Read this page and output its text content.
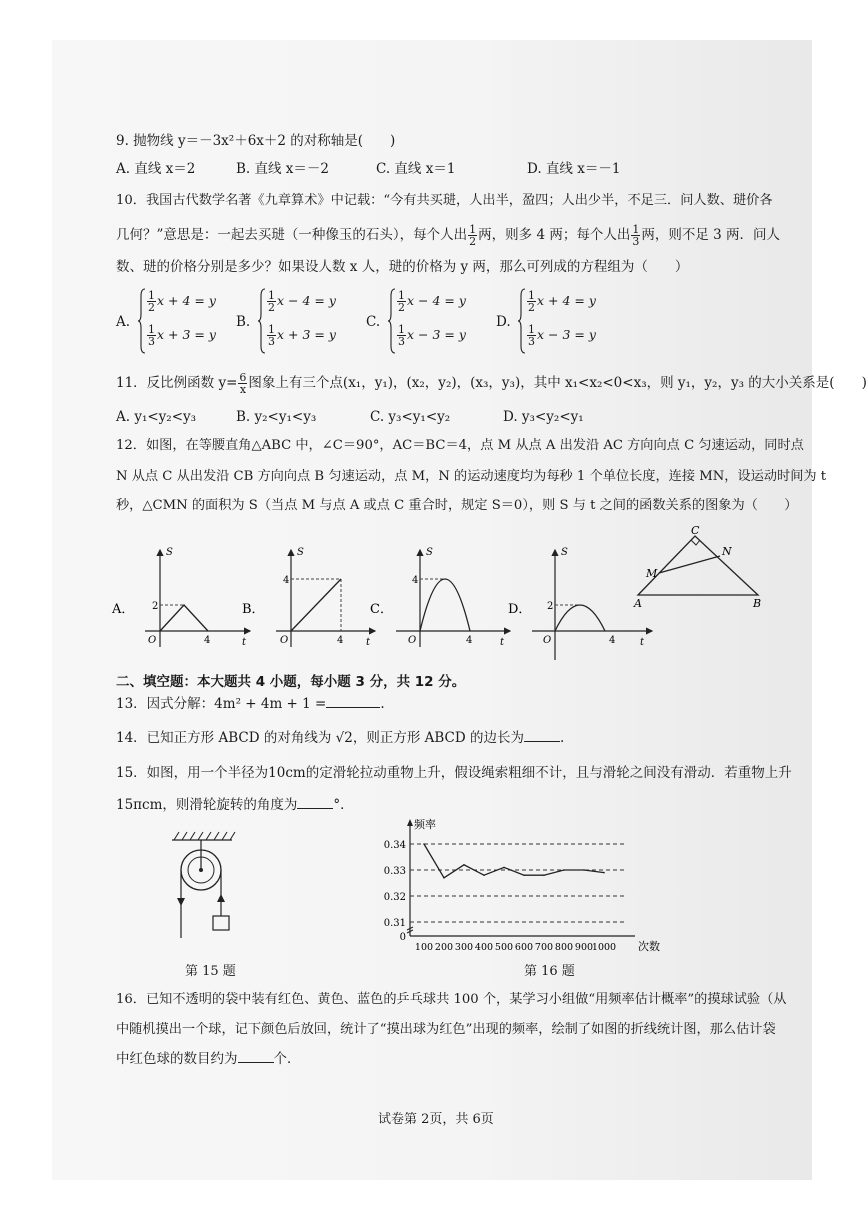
9. 抛物线 y＝－3x²＋6x＋2 的对称轴是(　　)
A. 直线 x＝2	B. 直线 x＝－2	C. 直线 x＝1	D. 直线 x＝－1
10．我国古代数学名著《九章算术》中记载：“今有共买琎，人出半，盈四；人出少半，不足三．问人数、琎价各
几何？”意思是：一起去买琎（一种像玉的石头），每个人出 $\frac{1}{2}$ 两，则多 4 两；每个人出 $\frac{1}{3}$ 两，则不足 3 两．问人
数、琎的价格分别是多少？如果设人数 x 人，琎的价格为 y 两，那么可列成的方程组为（　　）
A.
$\frac{1}{2}$ x + 4 = y
$\frac{1}{3}$ x + 3 = y
B.
$\frac{1}{2}$ x − 4 = y
$\frac{1}{3}$ x + 3 = y
C.
$\frac{1}{2}$ x − 4 = y
$\frac{1}{3}$ x − 3 = y
D.
$\frac{1}{2}$ x + 4 = y
$\frac{1}{3}$ x − 3 = y
11．反比例函数 $y= \frac{6}{x}$ 图象上有三个点(x₁，y₁)，(x₂，y₂)，(x₃，y₃)，其中 x₁<x₂<0<x₃，则 y₁，y₂，y₃ 的大小关系是(　　)
A. y₁<y₂<y₃	B. y₂<y₁<y₃	C. y₃<y₁<y₂	D. y₃<y₂<y₁
12．如图，在等腰直角△ABC 中，∠C＝90°，AC＝BC＝4，点 M 从点 A 出发沿 AC 方向向点 C 匀速运动，同时点
N 从点 C 从出发沿 CB 方向向点 B 匀速运动，点 M，N 的运动速度均为每秒 1 个单位长度，连接 MN，设运动时间为 t
秒，△CMN 的面积为 S（当点 M 与点 A 或点 C 重合时，规定 S＝0），则 S 与 t 之间的函数关系的图象为（　　）
A．
S
O
2
4	t
B．
S
O
4
4 t
C．
S
O
4
4	t
D．
S
O
2
4 t
C
N
M
A	B
二、填空题：本大题共 4 小题，每小题 3 分，共 12 分。
13．因式分解：4m² + 4m + 1 =	.
14．已知正方形 ABCD 的对角线为 √2，则正方形 ABCD 的边长为	.
15．如图，用一个半径为10cm的定滑轮拉动重物上升，假设绳索粗细不计，且与滑轮之间没有滑动．若重物上升
15πcm，则滑轮旋转的角度为	°．
第 15 题
频率
次数
0
0.31
0.32
0.33
0.34
100 200 300 400 500 600 700 800 900
1000
第 16 题
16．已知不透明的袋中装有红色、黄色、蓝色的乒乓球共 100 个，某学习小组做“用频率估计概率”的摸球试验（从
中随机摸出一个球，记下颜色后放回，统计了“摸出球为红色”出现的频率，绘制了如图的折线统计图，那么估计袋
中红色球的数目约为	个．
试卷第 2页，共 6页
